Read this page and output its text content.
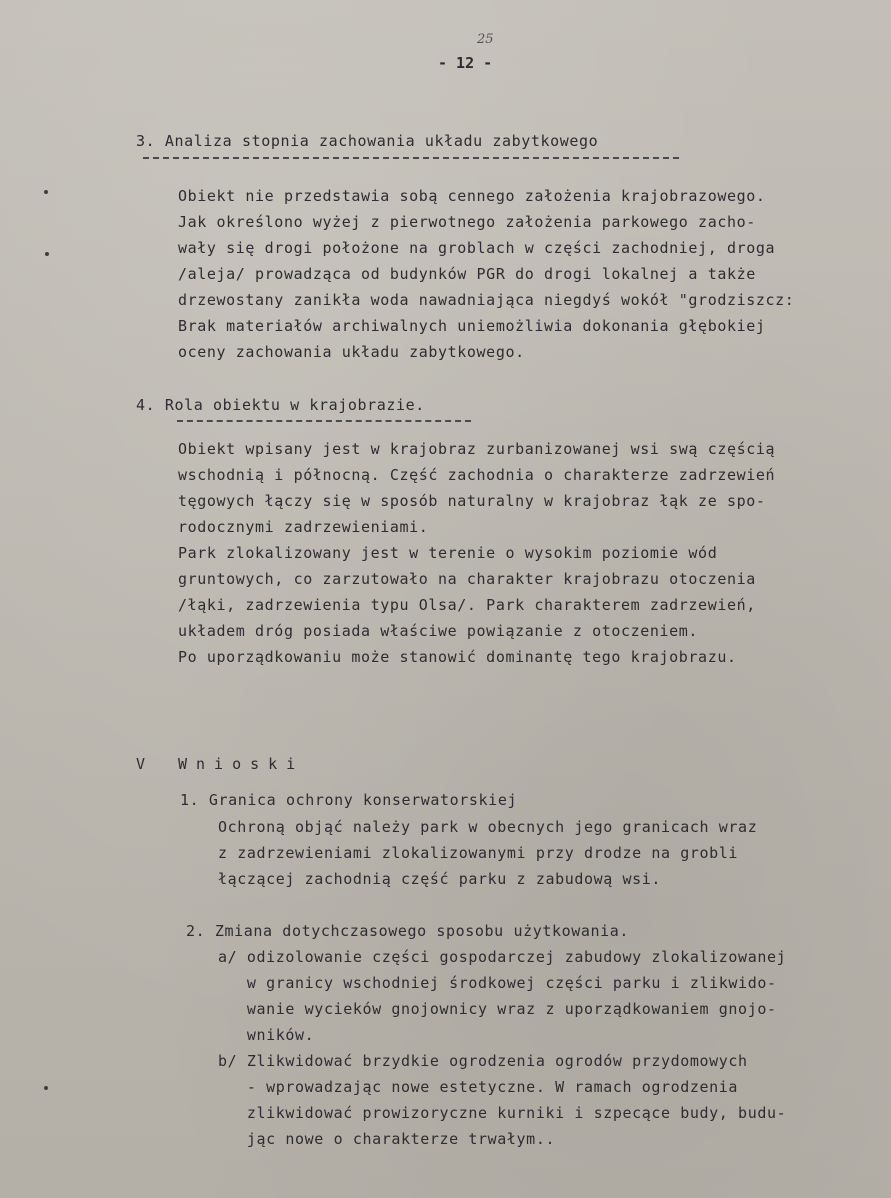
25
- 12 -
3. Analiza stopnia zachowania układu zabytkowego
Obiekt nie przedstawia sobą cennego założenia krajobrazowego.
Jak określono wyżej z pierwotnego założenia parkowego zacho-
wały się drogi położone na groblach w części zachodniej, droga
/aleja/ prowadząca od budynków PGR do drogi lokalnej a także
drzewostany zanikła woda nawadniająca niegdyś wokół "grodziszcz:
Brak materiałów archiwalnych uniemożliwia dokonania głębokiej
oceny zachowania układu zabytkowego.
4. Rola obiektu w krajobrazie.
Obiekt wpisany jest w krajobraz zurbanizowanej wsi swą częścią
wschodnią i północną. Część zachodnia o charakterze zadrzewień
tęgowych łączy się w sposób naturalny w krajobraz łąk ze spo-
rodocznymi zadrzewieniami.
Park zlokalizowany jest w terenie o wysokim poziomie wód
gruntowych, co zarzutowało na charakter krajobrazu otoczenia
/łąki, zadrzewienia typu Olsa/. Park charakterem zadrzewień,
układem dróg posiada właściwe powiązanie z otoczeniem.
Po uporządkowaniu może stanowić dominantę tego krajobrazu.
V Wnioski
1. Granica ochrony konserwatorskiej
Ochroną objąć należy park w obecnych jego granicach wraz
z zadrzewieniami zlokalizowanymi przy drodze na grobli
łączącej zachodnią część parku z zabudową wsi.
2. Zmiana dotychczasowego sposobu użytkowania.
a/ odizolowanie części gospodarczej zabudowy zlokalizowanej
w granicy wschodniej środkowej części parku i zlikwido-
wanie wycieków gnojownicy wraz z uporządkowaniem gnojo-
wników.
b/ Zlikwidować brzydkie ogrodzenia ogrodów przydomowych
- wprowadzając nowe estetyczne. W ramach ogrodzenia
zlikwidować prowizoryczne kurniki i szpecące budy, budu-
jąc nowe o charakterze trwałym..
